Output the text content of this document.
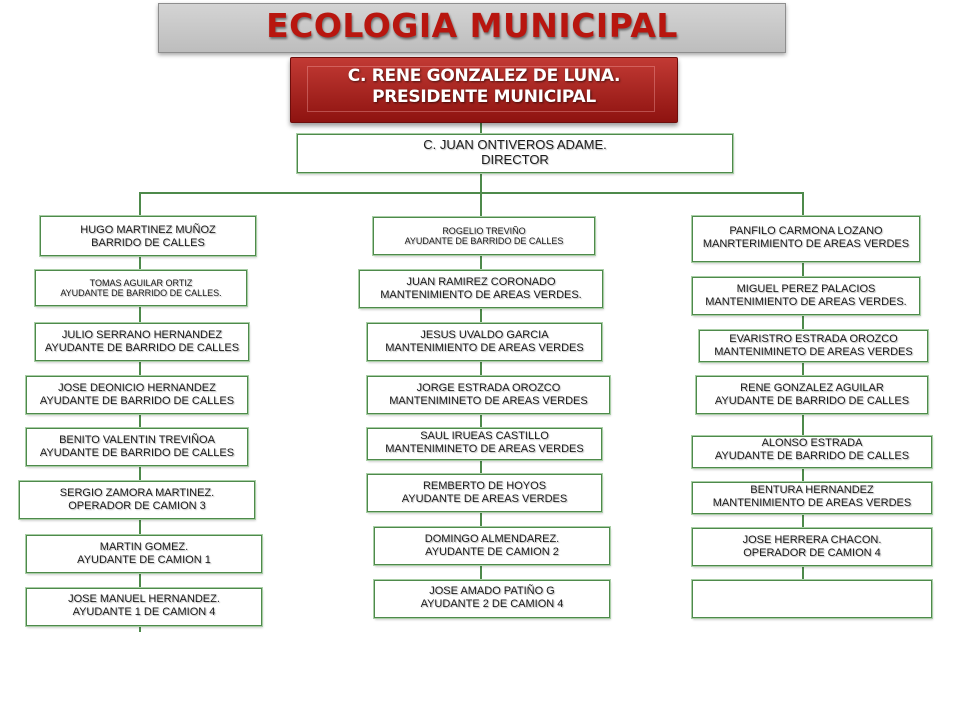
ECOLOGIA MUNICIPAL
C. RENE GONZALEZ DE LUNA.
PRESIDENTE MUNICIPAL
C. JUAN ONTIVEROS ADAME.
DIRECTOR
HUGO MARTINEZ MUÑOZ
BARRIDO DE CALLES
TOMAS AGUILAR ORTIZ
AYUDANTE DE BARRIDO DE CALLES.
JULIO SERRANO HERNANDEZ
AYUDANTE DE BARRIDO DE CALLES
JOSE DEONICIO HERNANDEZ
AYUDANTE DE BARRIDO DE CALLES
BENITO VALENTIN TREVIÑOA
AYUDANTE DE BARRIDO DE CALLES
SERGIO ZAMORA MARTINEZ.
OPERADOR DE CAMION 3
MARTIN GOMEZ.
AYUDANTE DE CAMION 1
JOSE MANUEL HERNANDEZ.
AYUDANTE 1 DE CAMION 4
ROGELIO TREVIÑO
AYUDANTE DE BARRIDO DE CALLES
JUAN RAMIREZ CORONADO
MANTENIMIENTO DE AREAS VERDES.
JESUS UVALDO GARCIA
MANTENIMIENTO DE AREAS VERDES
JORGE ESTRADA OROZCO
MANTENIMINETO DE AREAS VERDES
SAUL IRUEAS CASTILLO
MANTENIMINETO DE AREAS VERDES
REMBERTO DE HOYOS
AYUDANTE DE AREAS VERDES
DOMINGO ALMENDAREZ.
AYUDANTE DE CAMION 2
JOSE AMADO PATIÑO G
AYUDANTE 2 DE CAMION 4
PANFILO CARMONA LOZANO
MANRTERIMIENTO DE AREAS VERDES
MIGUEL PEREZ PALACIOS
MANTENIMIENTO DE AREAS VERDES.
EVARISTRO ESTRADA OROZCO
MANTENIMINETO DE AREAS VERDES
RENE GONZALEZ AGUILAR
AYUDANTE DE BARRIDO DE CALLES
ALONSO ESTRADA
AYUDANTE DE BARRIDO DE CALLES
BENTURA HERNANDEZ
MANTENIMIENTO DE AREAS VERDES
JOSE HERRERA CHACON.
OPERADOR DE CAMION 4
